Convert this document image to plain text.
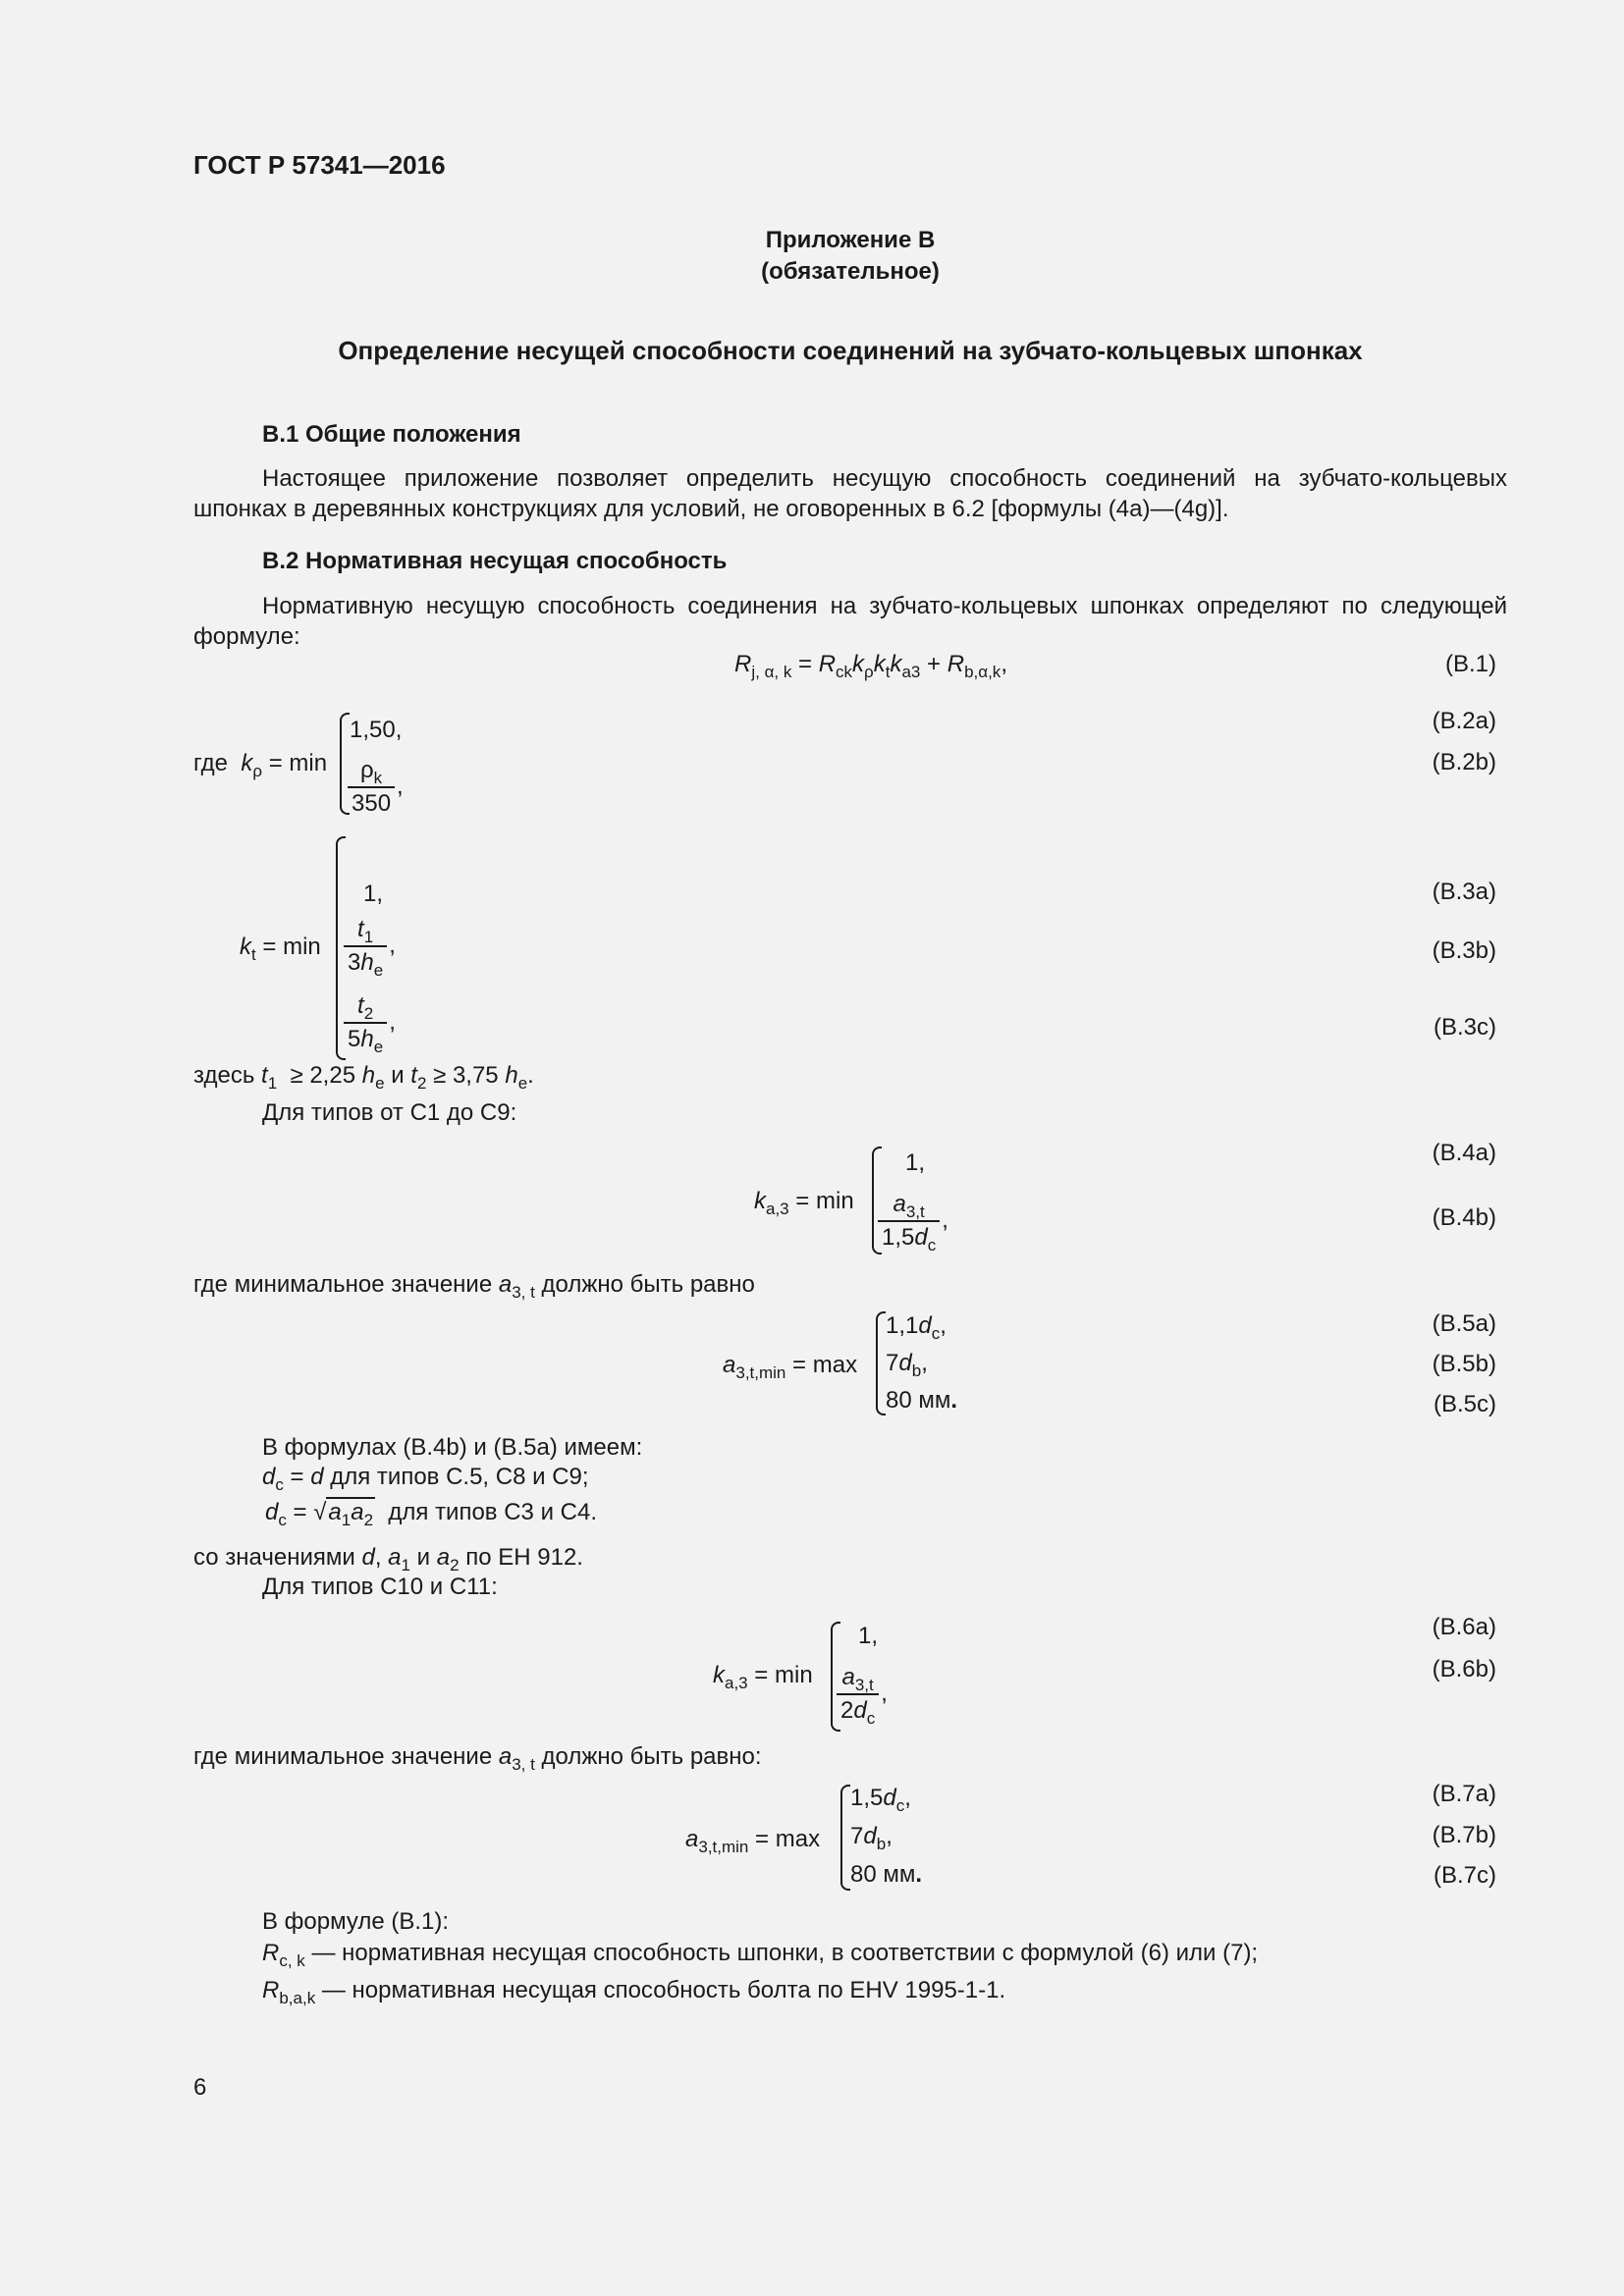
ГОСТ Р 57341—2016
Приложение В
(обязательное)
Определение несущей способности соединений на зубчато-кольцевых шпонках
В.1 Общие положения
Настоящее приложение позволяет определить несущую способность соединений на зубчато-кольцевых шпонках в деревянных конструкциях для условий, не оговоренных в 6.2 [формулы (4a)—(4g)].
В.2 Нормативная несущая способность
Нормативную несущую способность соединения на зубчато-кольцевых шпонках определяют по следующей формуле:
$R_{j, \alpha, k} = R_{ck}k_\rho k_tk_{a3} + R_{b,\alpha,k}$,	(В.1)
где $k_\rho = \min$
1,50,
$\frac{\rho_k}{350}$ ,
(В.2a)
(В.2b)
$k_t = \min$
1,
$\frac{t_1}{3h_e}$ ,
$\frac{t_2}{5h_e}$ ,
(В.3a)
(В.3b)
(В.3c)
здесь $t_1 \ge 2,25$ $h_e$ и $t_2 \ge 3,75$ $h_e$.
Для типов от С1 до С9:
$k_{a,3} = \min$
1,
$\frac{a_{3,t}}{1,5d_c}$ ,
(В.4a)
(В.4b)
где минимальное значение $a_{3, t}$ должно быть равно
$a_{3,t,min} = \max$
$1,1d_c$,
$7d_b$,
80 мм.
(В.5a)
(В.5b)
(В.5c)
В формулах (В.4b) и (В.5a) имеем:
$d_c = d$ для типов С.5, С8 и С9;
$d_c = √a_1a_2$ для типов С3 и С4.
со значениями d, $a_1$ и $a_2$ по ЕН 912.
Для типов С10 и С11:
$k_{a,3} = \min$
1,
$\frac{a_{3,t}}{2d_c}$ ,
(В.6a)
(В.6b)
где минимальное значение $a_{3, t}$ должно быть равно:
$a_{3,t,min} = \max$
$1,5d_c$,
$7d_b$,
80 мм.
(В.7a)
(В.7b)
(В.7c)
В формуле (В.1):
$R_{c, k}$ — нормативная несущая способность шпонки, в соответствии с формулой (6) или (7);
$R_{b,a,k}$ — нормативная несущая способность болта по ЕНV 1995-1-1.
6
